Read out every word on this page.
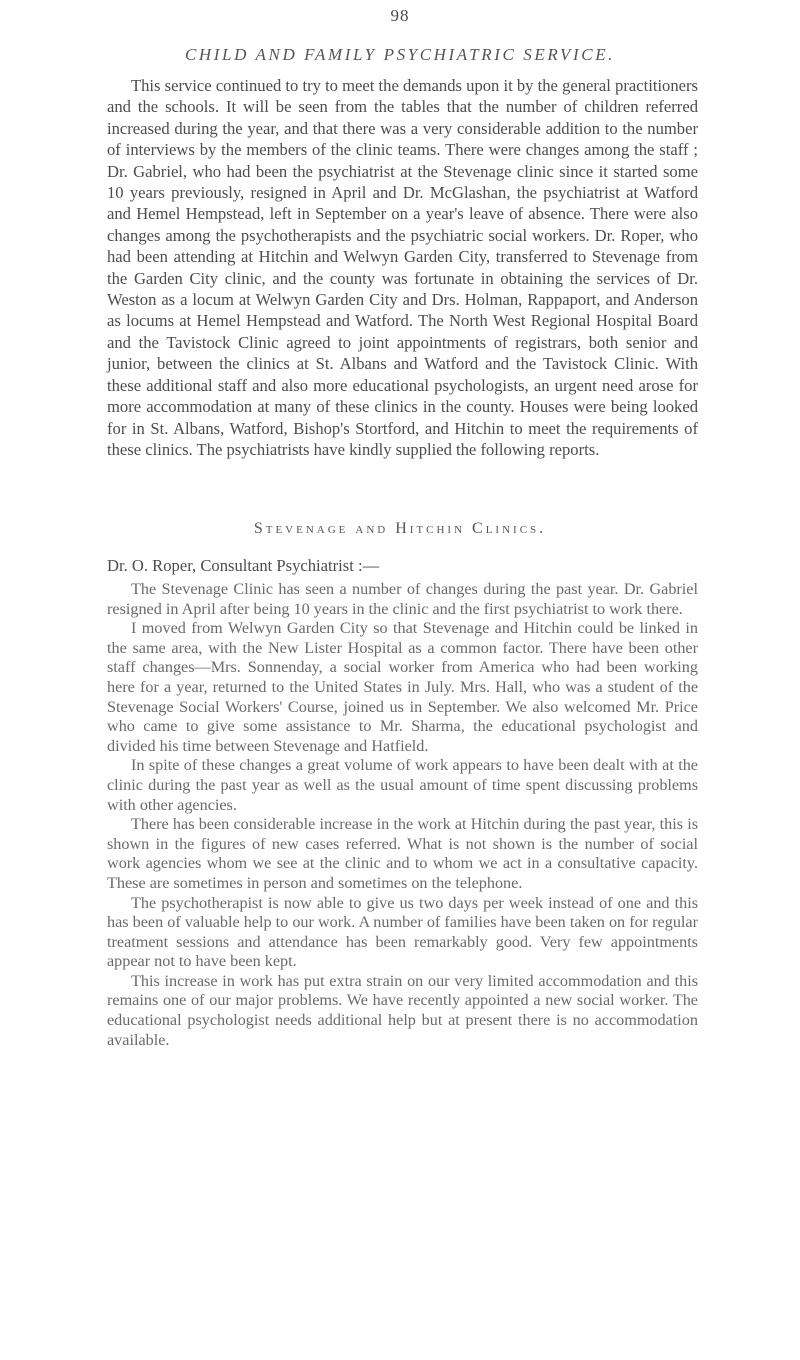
98
CHILD AND FAMILY PSYCHIATRIC SERVICE.

This service continued to try to meet the demands upon it by the general practitioners and the schools. It will be seen from the tables that the number of children referred increased during the year, and that there was a very considerable addition to the number of interviews by the members of the clinic teams. There were changes among the staff ; Dr. Gabriel, who had been the psychiatrist at the Stevenage clinic since it started some 10 years previously, resigned in April and Dr. McGlashan, the psychiatrist at Watford and Hemel Hempstead, left in September on a year's leave of absence. There were also changes among the psychotherapists and the psychiatric social workers. Dr. Roper, who had been attending at Hitchin and Welwyn Garden City, transferred to Stevenage from the Garden City clinic, and the county was fortunate in obtaining the services of Dr. Weston as a locum at Welwyn Garden City and Drs. Holman, Rappaport, and Anderson as locums at Hemel Hempstead and Watford. The North West Regional Hospital Board and the Tavistock Clinic agreed to joint appointments of registrars, both senior and junior, between the clinics at St. Albans and Watford and the Tavistock Clinic. With these additional staff and also more educational psychologists, an urgent need arose for more accommodation at many of these clinics in the county. Houses were being looked for in St. Albans, Watford, Bishop's Stortford, and Hitchin to meet the requirements of these clinics. The psychiatrists have kindly supplied the following reports.

Stevenage and Hitchin Clinics.

Dr. O. Roper, Consultant Psychiatrist :—

The Stevenage Clinic has seen a number of changes during the past year. Dr. Gabriel resigned in April after being 10 years in the clinic and the first psychiatrist to work there.

I moved from Welwyn Garden City so that Stevenage and Hitchin could be linked in the same area, with the New Lister Hospital as a common factor. There have been other staff changes—Mrs. Sonnenday, a social worker from America who had been working here for a year, returned to the United States in July. Mrs. Hall, who was a student of the Stevenage Social Workers' Course, joined us in September. We also welcomed Mr. Price who came to give some assistance to Mr. Sharma, the educational psychologist and divided his time between Stevenage and Hatfield.

In spite of these changes a great volume of work appears to have been dealt with at the clinic during the past year as well as the usual amount of time spent discussing problems with other agencies.

There has been considerable increase in the work at Hitchin during the past year, this is shown in the figures of new cases referred. What is not shown is the number of social work agencies whom we see at the clinic and to whom we act in a consultative capacity. These are sometimes in person and sometimes on the telephone.

The psychotherapist is now able to give us two days per week instead of one and this has been of valuable help to our work. A number of families have been taken on for regular treatment sessions and attendance has been remarkably good. Very few appointments appear not to have been kept.

This increase in work has put extra strain on our very limited accommodation and this remains one of our major problems. We have recently appointed a new social worker. The educational psychologist needs additional help but at present there is no accommodation available.
